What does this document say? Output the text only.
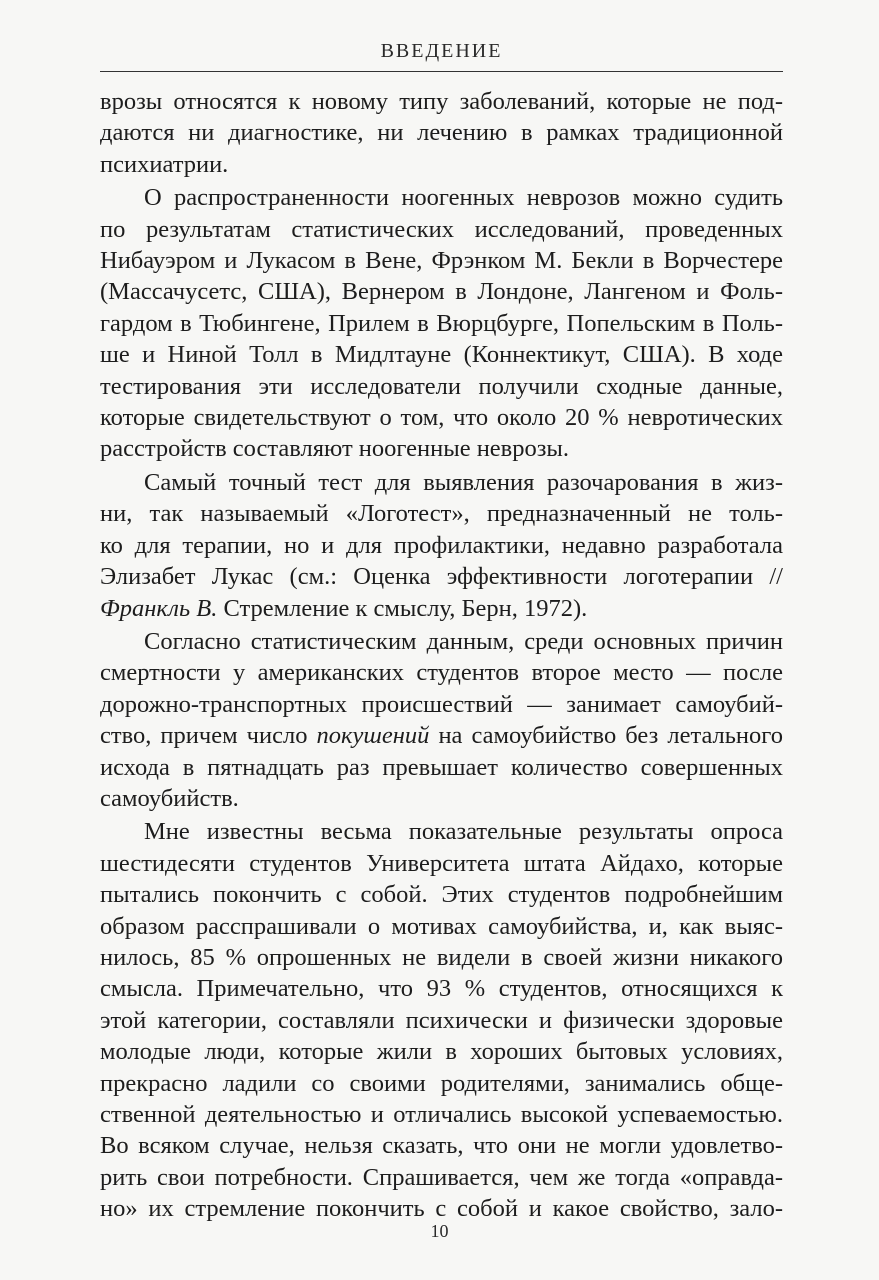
ВВЕДЕНИЕ

врозы относятся к новому типу заболеваний, которые не под-
даются ни диагностике, ни лечению в рамках традиционной
психиатрии.

О распространенности ноогенных неврозов можно судить
по результатам статистических исследований, проведенных
Нибауэром и Лукасом в Вене, Фрэнком М. Бекли в Ворчестере
(Массачусетс, США), Вернером в Лондоне, Лангеном и Фоль-
гардом в Тюбингене, Прилем в Вюрцбурге, Попельским в Поль-
ше и Ниной Толл в Мидлтауне (Коннектикут, США). В ходе
тестирования эти исследователи получили сходные данные,
которые свидетельствуют о том, что около 20 % невротических
расстройств составляют ноогенные неврозы.

Самый точный тест для выявления разочарования в жиз-
ни, так называемый «Логотест», предназначенный не толь-
ко для терапии, но и для профилактики, недавно разработала
Элизабет Лукас (см.: Оценка эффективности логотерапии //
Франкль В. Стремление к смыслу, Берн, 1972).

Согласно статистическим данным, среди основных причин
смертности у американских студентов второе место — после
дорожно-транспортных происшествий — занимает самоубий-
ство, причем число покушений на самоубийство без летального
исхода в пятнадцать раз превышает количество совершенных
самоубийств.

Мне известны весьма показательные результаты опроса
шестидесяти студентов Университета штата Айдахо, которые
пытались покончить с собой. Этих студентов подробнейшим
образом расспрашивали о мотивах самоубийства, и, как выяс-
нилось, 85 % опрошенных не видели в своей жизни никакого
смысла. Примечательно, что 93 % студентов, относящихся к
этой категории, составляли психически и физически здоровые
молодые люди, которые жили в хороших бытовых условиях,
прекрасно ладили со своими родителями, занимались обще-
ственной деятельностью и отличались высокой успеваемостью.
Во всяком случае, нельзя сказать, что они не могли удовлетво-
рить свои потребности. Спрашивается, чем же тогда «оправда-
но» их стремление покончить с собой и какое свойство, зало-

10
